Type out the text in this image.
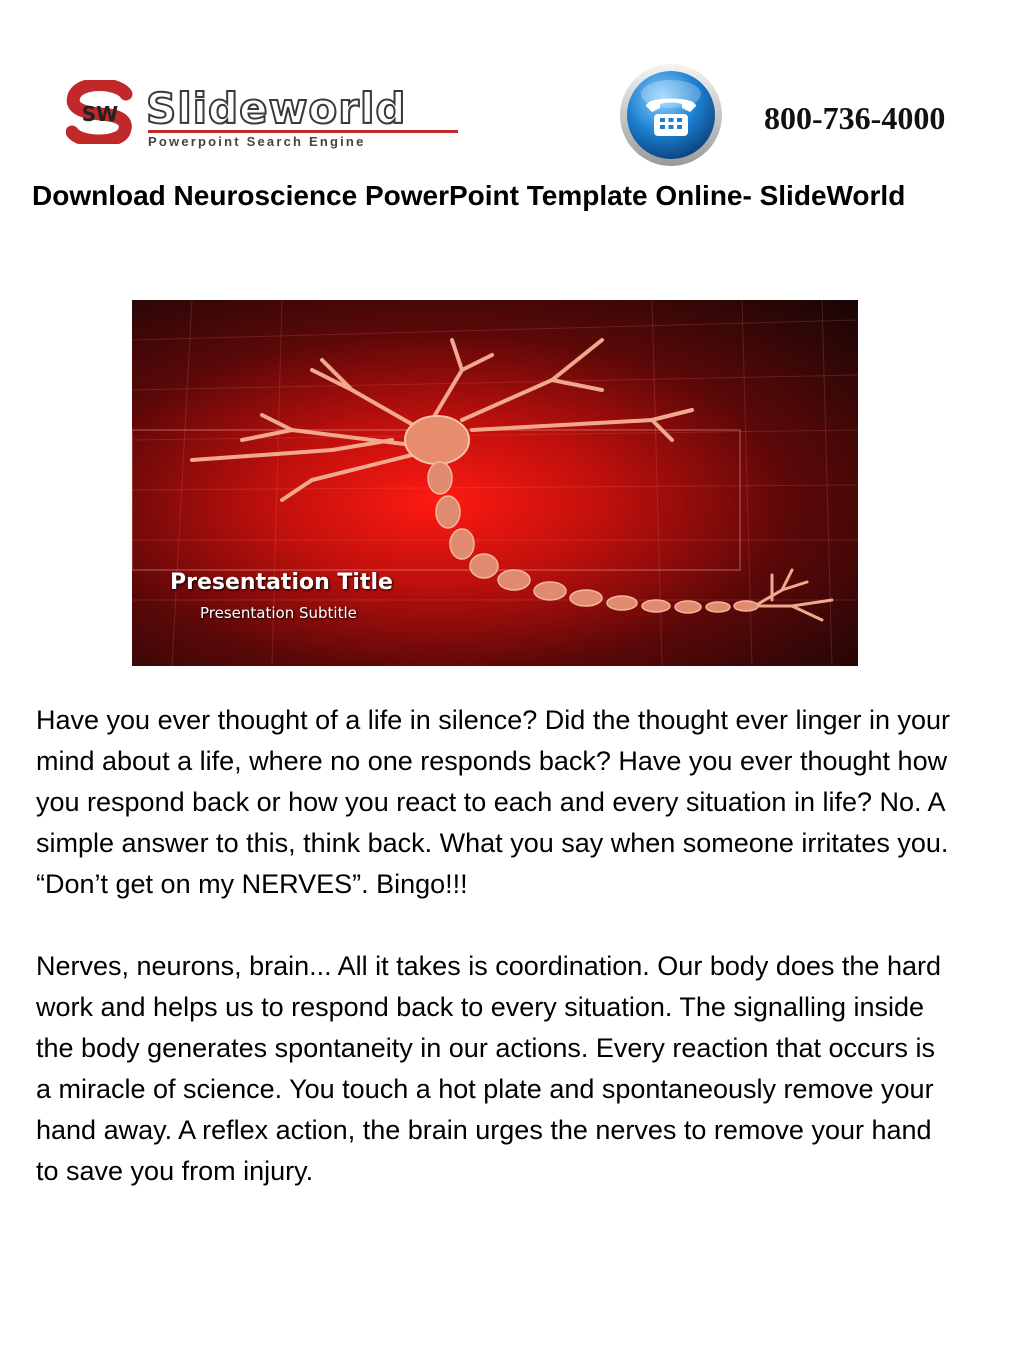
SW Slideworld
Powerpoint Search Engine
800-736-4000
Download Neuroscience PowerPoint Template Online- SlideWorld
Presentation Title
Presentation Subtitle

Have you ever thought of a life in silence? Did the thought ever linger in your mind about a life, where no one responds back? Have you ever thought how you respond back or how you react to each and every situation in life? No. A simple answer to this, think back. What you say when someone irritates you. “Don’t get on my NERVES”. Bingo!!!

Nerves, neurons, brain... All it takes is coordination. Our body does the hard work and helps us to respond back to every situation. The signalling inside the body generates spontaneity in our actions. Every reaction that occurs is a miracle of science. You touch a hot plate and spontaneously remove your hand away. A reflex action, the brain urges the nerves to remove your hand to save you from injury.
